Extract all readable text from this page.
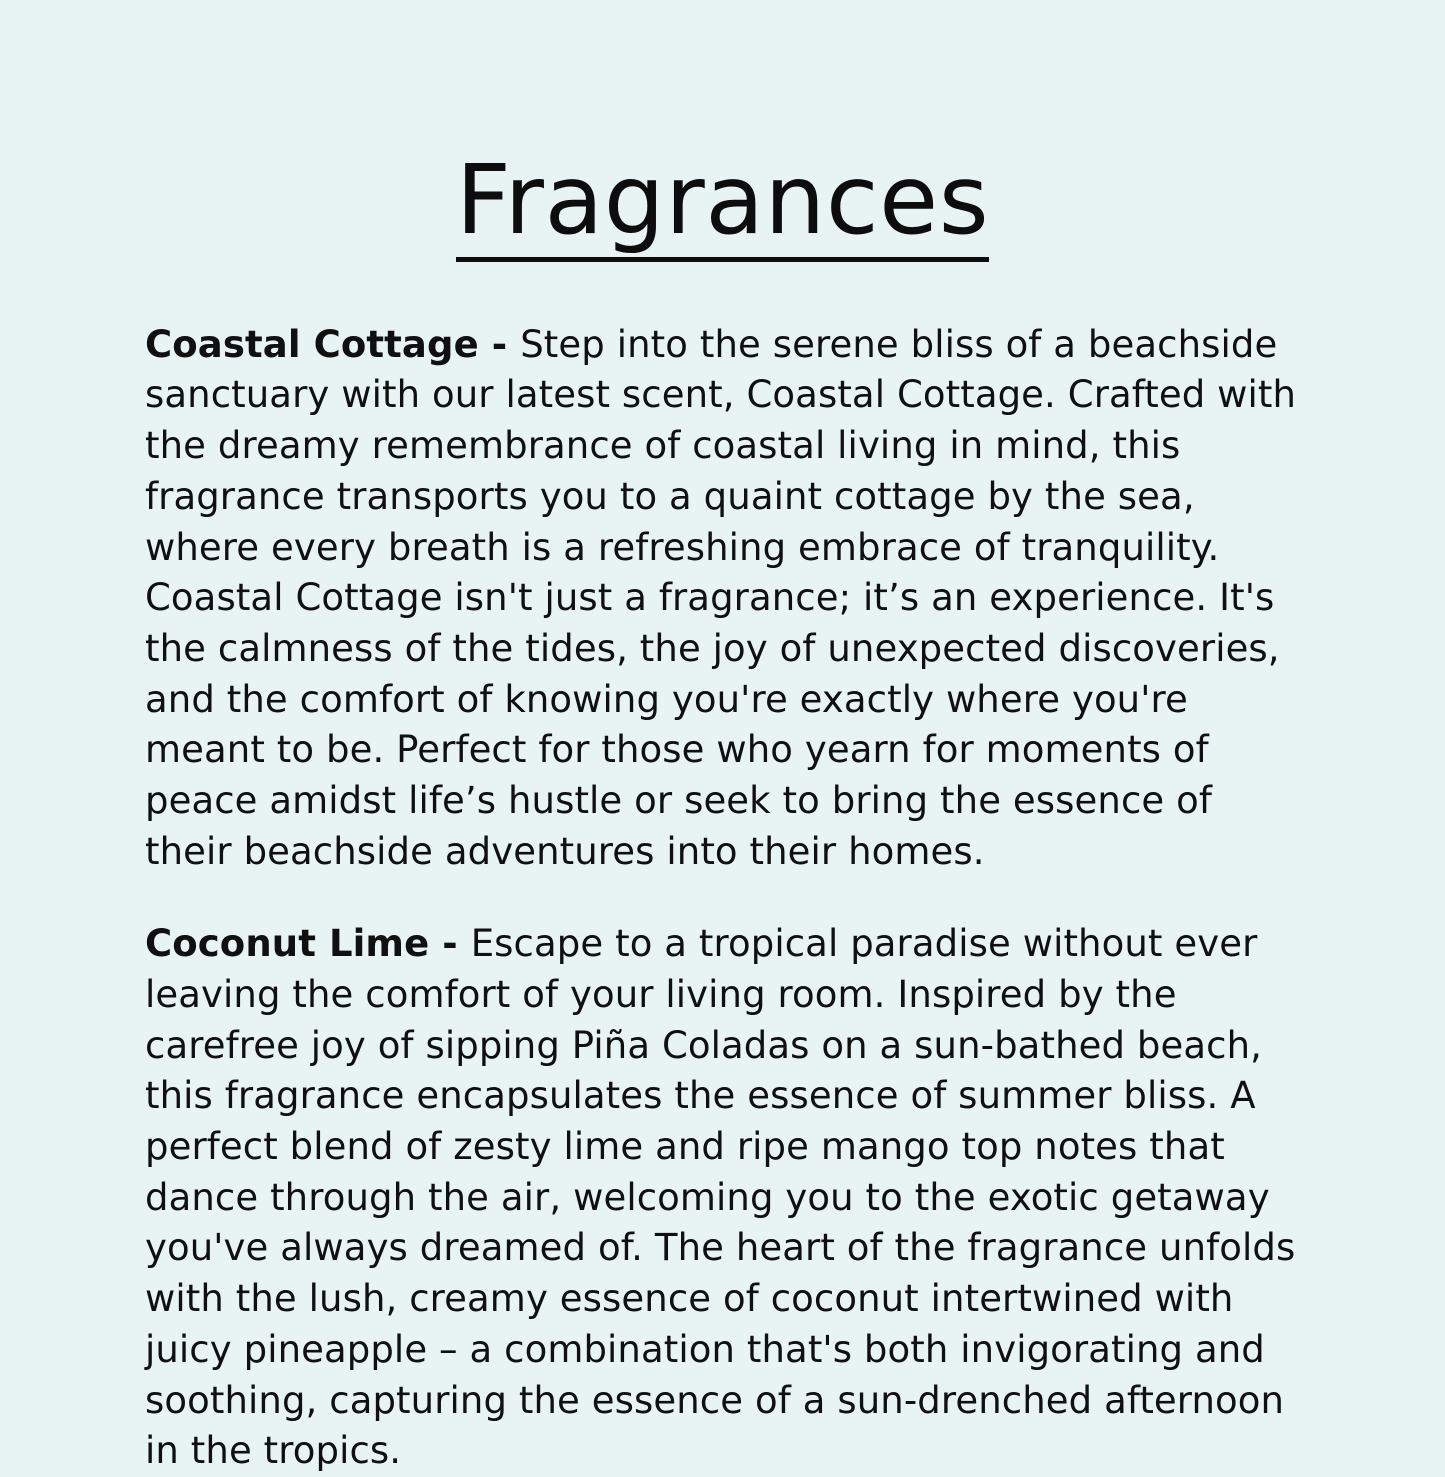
Fragrances

Coastal Cottage - Step into the serene bliss of a beachside sanctuary with our latest scent, Coastal Cottage. Crafted with the dreamy remembrance of coastal living in mind, this fragrance transports you to a quaint cottage by the sea, where every breath is a refreshing embrace of tranquility. Coastal Cottage isn't just a fragrance; it’s an experience. It's the calmness of the tides, the joy of unexpected discoveries, and the comfort of knowing you're exactly where you're meant to be. Perfect for those who yearn for moments of peace amidst life’s hustle or seek to bring the essence of their beachside adventures into their homes.

Coconut Lime - Escape to a tropical paradise without ever leaving the comfort of your living room. Inspired by the carefree joy of sipping Piña Coladas on a sun-bathed beach, this fragrance encapsulates the essence of summer bliss. A perfect blend of zesty lime and ripe mango top notes that dance through the air, welcoming you to the exotic getaway you've always dreamed of. The heart of the fragrance unfolds with the lush, creamy essence of coconut intertwined with juicy pineapple – a combination that's both invigorating and soothing, capturing the essence of a sun-drenched afternoon in the tropics.
